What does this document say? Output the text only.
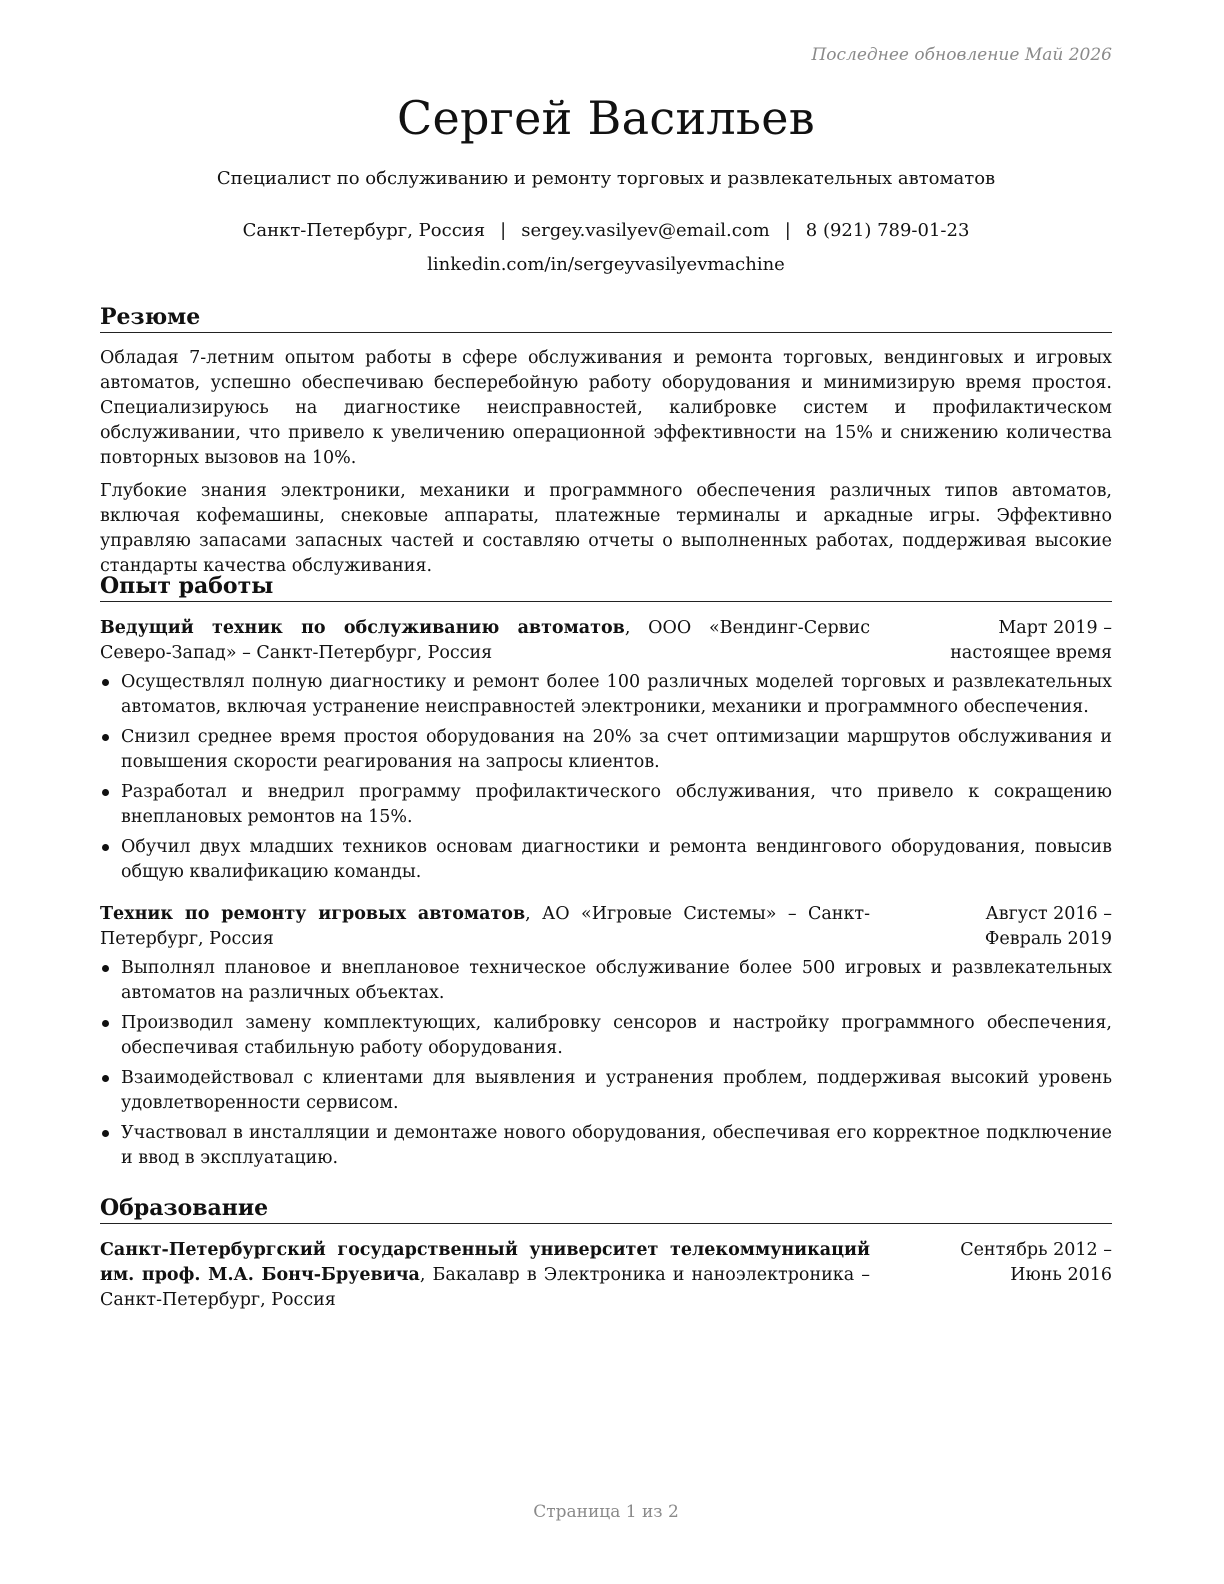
Последнее обновление Май 2026
Сергей Васильев
Специалист по обслуживанию и ремонту торговых и развлекательных автоматов
Санкт-Петербург, Россия | sergey.vasilyev@email.com | 8 (921) 789-01-23
linkedin.com/in/sergeyvasilyevmachine
Резюме

Обладая 7-летним опытом работы в сфере обслуживания и ремонта торговых, вендинговых и игровых автоматов, успешно обеспечиваю бесперебойную работу оборудования и минимизирую время простоя. Специализируюсь на диагностике неисправностей, калибровке систем и профилактическом обслуживании, что привело к увеличению операционной эффективности на 15% и снижению количества повторных вызовов на 10%.

Глубокие знания электроники, механики и программного обеспечения различных типов автоматов, включая кофемашины, снековые аппараты, платежные терминалы и аркадные игры. Эффективно управляю запасами запасных частей и составляю отчеты о выполненных работах, поддерживая высокие стандарты качества обслуживания.

Опыт работы
Ведущий техник по обслуживанию автоматов, ООО «Вендинг-Сервис Северо-Запад» – Санкт-Петербург, Россия
Март 2019 – настоящее время
Осуществлял полную диагностику и ремонт более 100 различных моделей торговых и развлекательных автоматов, включая устранение неисправностей электроники, механики и программного обеспечения.
Снизил среднее время простоя оборудования на 20% за счет оптимизации маршрутов обслуживания и повышения скорости реагирования на запросы клиентов.
Разработал и внедрил программу профилактического обслуживания, что привело к сокращению внеплановых ремонтов на 15%.
Обучил двух младших техников основам диагностики и ремонта вендингового оборудования, повысив общую квалификацию команды.
Техник по ремонту игровых автоматов, АО «Игровые Системы» – Санкт-Петербург, Россия
Август 2016 – Февраль 2019
Выполнял плановое и внеплановое техническое обслуживание более 500 игровых и развлекательных автоматов на различных объектах.
Производил замену комплектующих, калибровку сенсоров и настройку программного обеспечения, обеспечивая стабильную работу оборудования.
Взаимодействовал с клиентами для выявления и устранения проблем, поддерживая высокий уровень удовлетворенности сервисом.
Участвовал в инсталляции и демонтаже нового оборудования, обеспечивая его корректное подключение и ввод в эксплуатацию.
Образование
Санкт-Петербургский государственный университет телекоммуникаций им. проф. М.А. Бонч-Бруевича, Бакалавр в Электроника и наноэлектроника – Санкт-Петербург, Россия
Сентябрь 2012 – Июнь 2016
Страница 1 из 2
